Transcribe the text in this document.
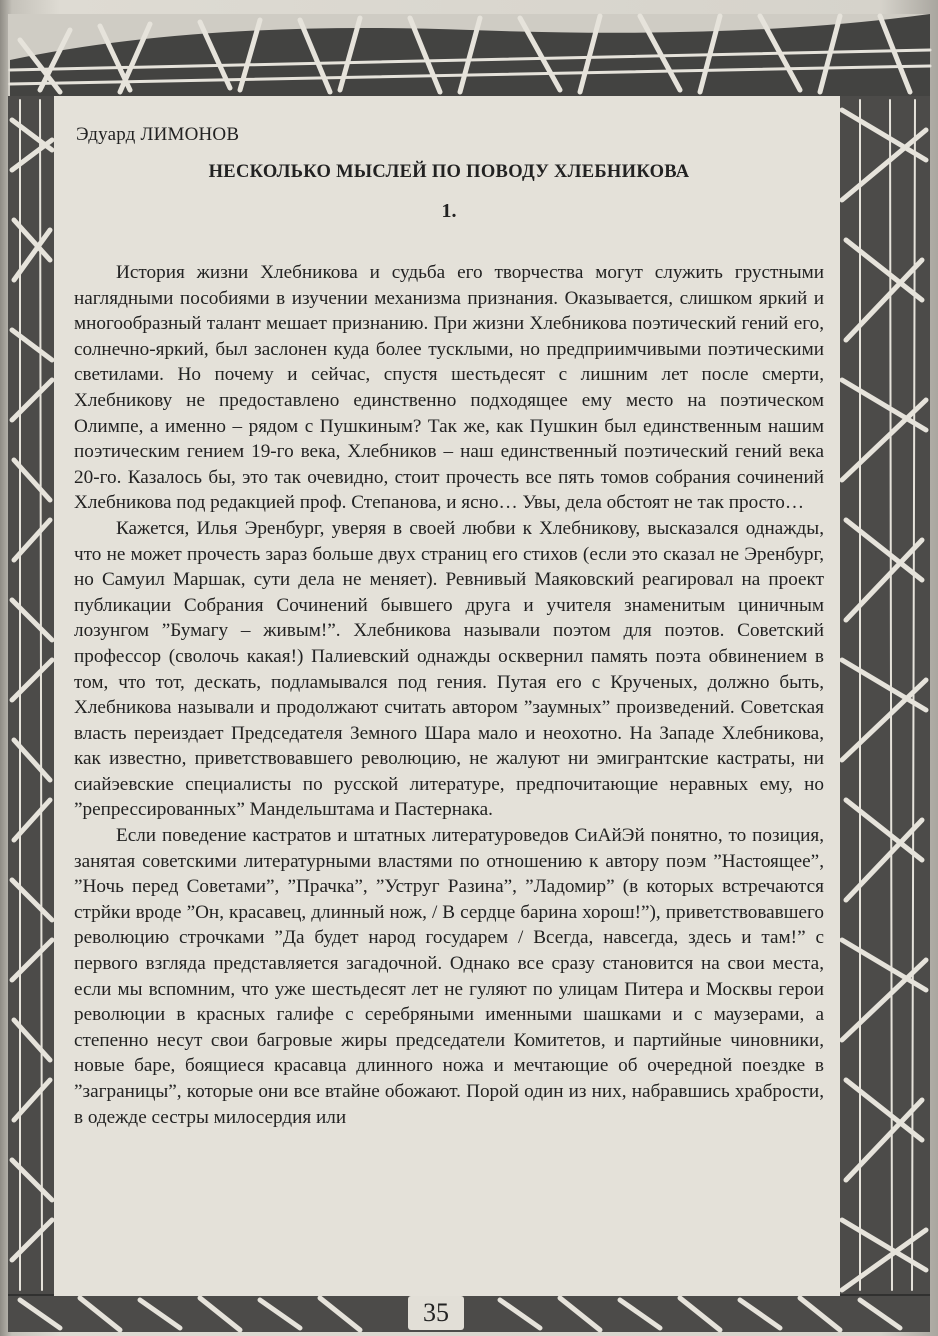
Эдуард ЛИМОНОВ
НЕСКОЛЬКО МЫСЛЕЙ ПО ПОВОДУ ХЛЕБНИКОВА
1.

История жизни Хлебникова и судьба его творчества могут служить грустными наглядными пособиями в изучении механизма признания. Оказывается, слишком яркий и многообразный талант мешает признанию. При жизни Хлебникова поэтический гений его, солнечно-яркий, был заслонен куда более тусклыми, но предприимчивыми поэтическими светилами. Но почему и сейчас, спустя шестьдесят с лишним лет после смерти, Хлебникову не предоставлено единственно подходящее ему место на поэтическом Олимпе, а именно – рядом с Пушкиным? Так же, как Пушкин был единственным нашим поэтическим гением 19-го века, Хлебников – наш единственный поэтический гений века 20-го. Казалось бы, это так очевидно, стоит прочесть все пять томов собрания сочинений Хлебникова под редакцией проф. Степанова, и ясно… Увы, дела обстоят не так просто…

Кажется, Илья Эренбург, уверяя в своей любви к Хлебникову, высказался однажды, что не может прочесть зараз больше двух страниц его стихов (если это сказал не Эренбург, но Самуил Маршак, сути дела не меняет). Ревнивый Маяковский реагировал на проект публикации Собрания Сочинений бывшего друга и учителя знаменитым циничным лозунгом ”Бумагу – живым!”. Хлебникова называли поэтом для поэтов. Советский профессор (сволочь какая!) Палиевский однажды осквернил память поэта обвинением в том, что тот, дескать, подламывался под гения. Путая его с Крученых, должно быть, Хлебникова называли и продолжают считать автором ”заумных” произведений. Советская власть переиздает Председателя Земного Шара мало и неохотно. На Западе Хлебникова, как известно, приветствовавшего революцию, не жалуют ни эмигрантские кастраты, ни сиайэевские специалисты по русской литературе, предпочитающие неравных ему, но ”репрессированных” Мандельштама и Пастернака.

Если поведение кастратов и штатных литературоведов СиАйЭй понятно, то позиция, занятая советскими литературными властями по отношению к автору поэм ”Настоящее”, ”Ночь перед Советами”, ”Прачка”, ”Уструг Разина”, ”Ладомир” (в которых встречаются стрйки вроде ”Он, красавец, длинный нож, / В сердце барина хорош!”), приветствовавшего революцию строчками ”Да будет народ государем / Всегда, навсегда, здесь и там!” с первого взгляда представляется загадочной. Однако все сразу становится на свои места, если мы вспомним, что уже шестьдесят лет не гуляют по улицам Питера и Москвы герои революции в красных галифе с серебряными именными шашками и с маузерами, а степенно несут свои багровые жиры председатели Комитетов, и партийные чиновники, новые баре, боящиеся красавца длинного ножа и мечтающие об очередной поездке в ”заграницы”, которые они все втайне обожают. Порой один из них, набравшись храбрости, в одежде сестры милосердия или

35
